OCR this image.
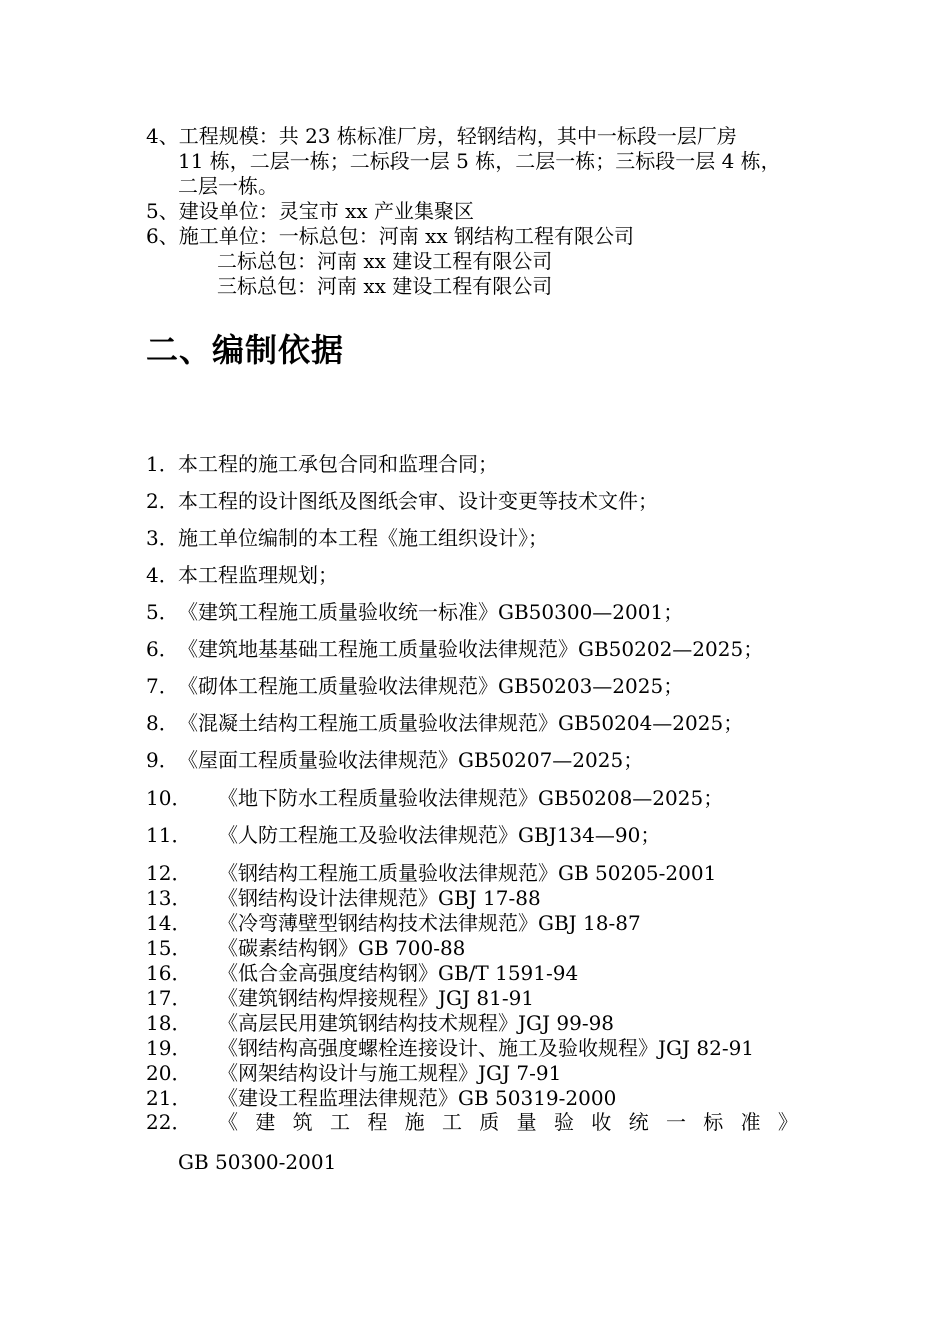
4、工程规模：共 23 栋标准厂房，轻钢结构，其中一标段一层厂房
11 栋，二层一栋；二标段一层 5 栋，二层一栋；三标段一层 4 栋，
二层一栋。
5、建设单位：灵宝市 xx 产业集聚区
6、施工单位：一标总包：河南 xx 钢结构工程有限公司
二标总包：河南 xx 建设工程有限公司
三标总包：河南 xx 建设工程有限公司
二、编制依据
1．本工程的施工承包合同和监理合同；
2．本工程的设计图纸及图纸会审、设计变更等技术文件；
3．施工单位编制的本工程《施工组织设计》；
4．本工程监理规划；
5．《建筑工程施工质量验收统一标准》GB50300—2001；
6．《建筑地基基础工程施工质量验收法律规范》GB50202—2025；
7．《砌体工程施工质量验收法律规范》GB50203—2025；
8．《混凝土结构工程施工质量验收法律规范》GB50204—2025；
9．《屋面工程质量验收法律规范》GB50207—2025；
10． 《地下防水工程质量验收法律规范》GB50208—2025；
11． 《人防工程施工及验收法律规范》GBJ134—90；
12． 《钢结构工程施工质量验收法律规范》GB 50205-2001
13． 《钢结构设计法律规范》GBJ 17-88
14． 《冷弯薄壁型钢结构技术法律规范》GBJ 18-87
15． 《碳素结构钢》GB 700-88
16． 《低合金高强度结构钢》GB/T 1591-94
17． 《建筑钢结构焊接规程》JGJ 81-91
18． 《高层民用建筑钢结构技术规程》JGJ 99-98
19． 《钢结构高强度螺栓连接设计、施工及验收规程》JGJ 82-91
20． 《网架结构设计与施工规程》JGJ 7-91
21． 《建设工程监理法律规范》GB 50319-2000
22． 《 建 筑 工 程 施 工 质 量 验 收 统 一 标 准 》
GB 50300-2001
